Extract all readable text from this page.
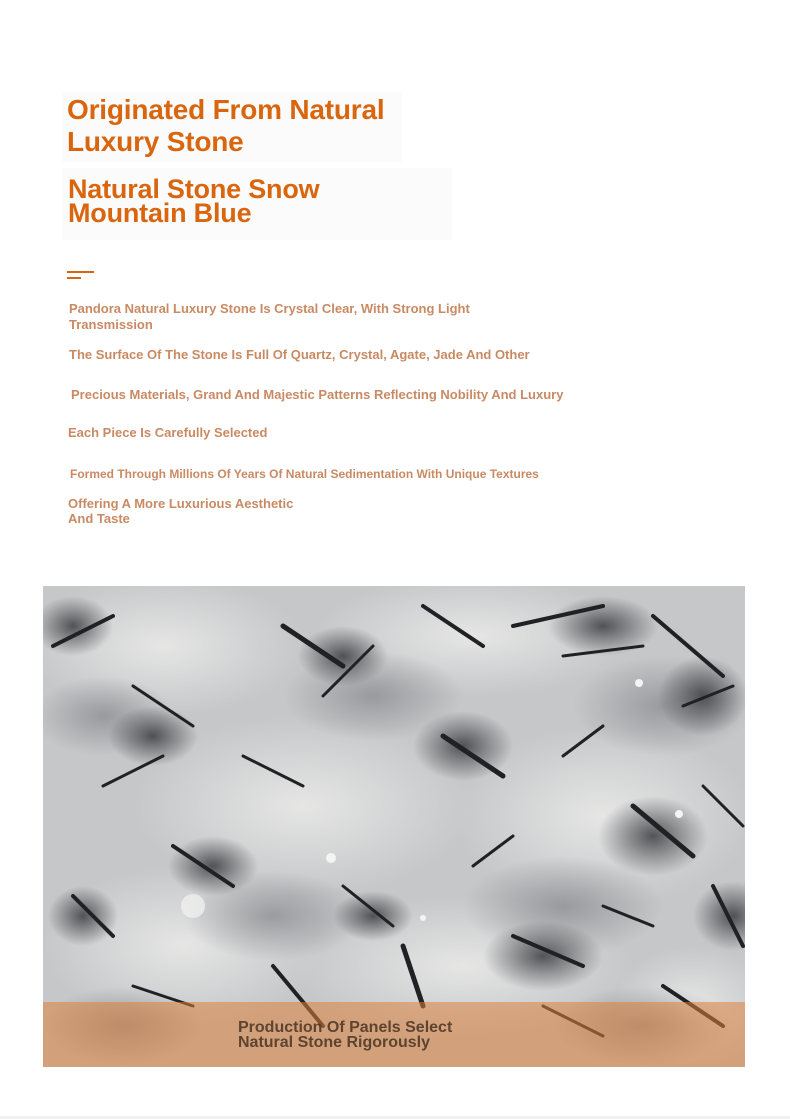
Originated From Natural Luxury Stone
Natural Stone Snow Mountain Blue

Pandora Natural Luxury Stone Is Crystal Clear, With Strong Light Transmission

The Surface Of The Stone Is Full Of Quartz, Crystal, Agate, Jade And Other

Precious Materials, Grand And Majestic Patterns Reflecting Nobility And Luxury

Each Piece Is Carefully Selected

Formed Through Millions Of Years Of Natural Sedimentation With Unique Textures

Offering A More Luxurious Aesthetic And Taste

Production Of Panels Select Natural Stone Rigorously
